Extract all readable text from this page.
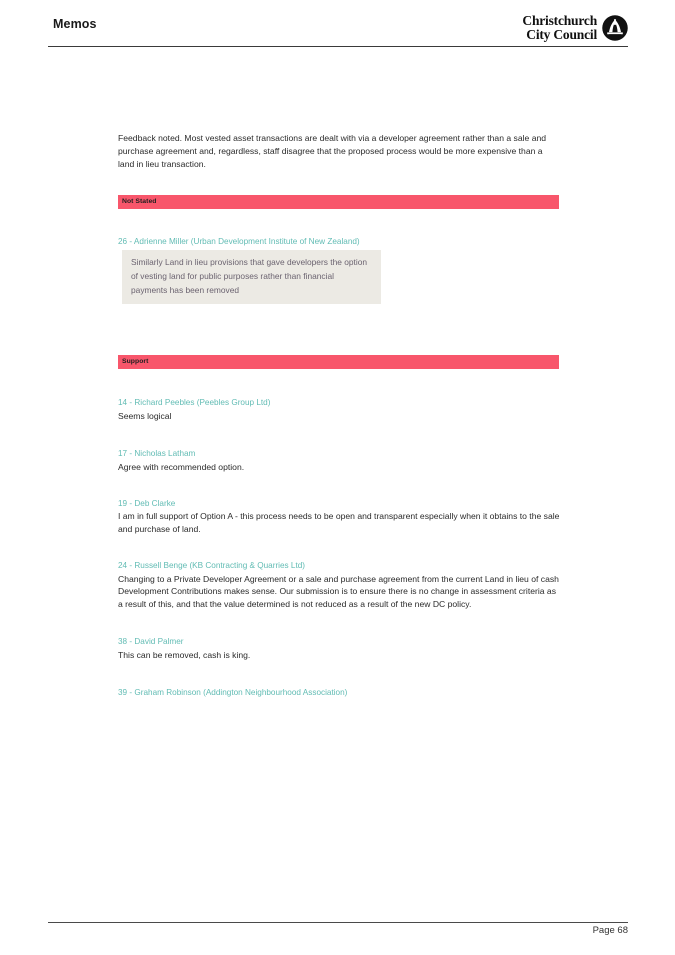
Memos	Christchurch
City Council

Feedback noted. Most vested asset transactions are dealt with via a developer agreement rather than a sale and purchase agreement and, regardless, staff disagree that the proposed process would be more expensive than a land in lieu transaction.

Not Stated
26 - Adrienne Miller (Urban Development Institute of New Zealand)
Similarly Land in lieu provisions that gave developers the option of vesting land for public purposes rather than financial payments has been removed
Support
14 - Richard Peebles (Peebles Group Ltd)
Seems logical
17 - Nicholas Latham
Agree with recommended option.
19 - Deb Clarke
I am in full support of Option A - this process needs to be open and transparent especially when it obtains to the sale and purchase of land.
24 - Russell Benge (KB Contracting & Quarries Ltd)
Changing to a Private Developer Agreement or a sale and purchase agreement from the current Land in lieu of cash Development Contributions makes sense. Our submission is to ensure there is no change in assessment criteria as a result of this, and that the value determined is not reduced as a result of the new DC policy.
38 - David Palmer
This can be removed, cash is king.
39 - Graham Robinson (Addington Neighbourhood Association)
Page 68
